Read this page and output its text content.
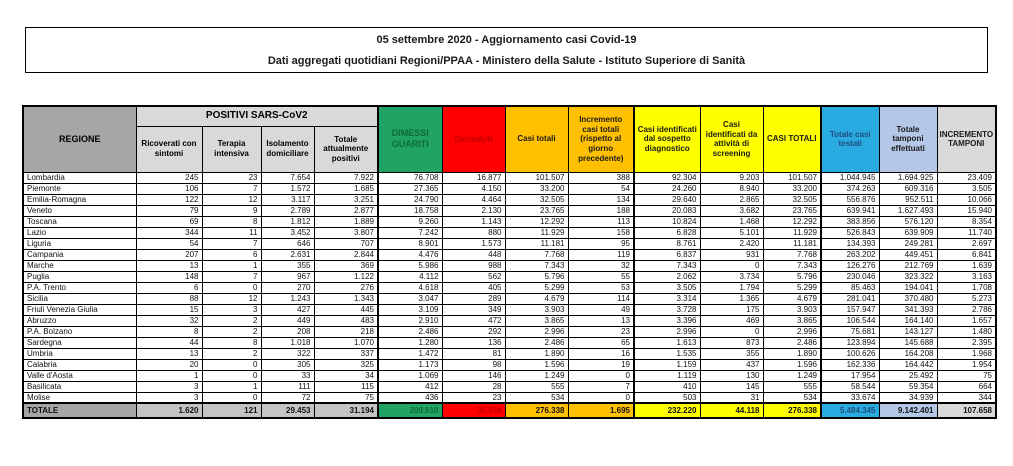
05 settembre 2020 - Aggiornamento casi Covid-19
Dati aggregati quotidiani Regioni/PPAA - Ministero della Salute - Istituto Superiore di Sanità
REGIONE	POSITIVI SARS-CoV2				DIMESSI GUARITI	Deceduti	Casi totali	Incremento casi totali (rispetto al giorno precedente)	Casi identificati dal sospetto diagnostico	Casi identificati da attività di screening	CASI TOTALI	Totale casi testati	Totale tamponi effettuati	INCREMENTO TAMPONI
	Ricoverati con sintomi	Terapia intensiva	Isolamento domiciliare	Totale attualmente positivi										
Lombardia	245	23	7.654	7.922	76.708	16.877	101.507	388	92.304	9.203	101.507	1.044.945	1.694.925	23.409
Piemonte	106	7	1.572	1.685	27.365	4.150	33.200	54	24.260	8.940	33.200	374.263	609.316	3.505
Emilia-Romagna	122	12	3.117	3.251	24.790	4.464	32.505	134	29.640	2.865	32.505	556.876	952.511	10.066
Veneto	79	9	2.789	2.877	18.758	2.130	23.765	188	20.083	3.682	23.765	639.941	1.627.493	15.940
Toscana	69	8	1.812	1.889	9.260	1.143	12.292	113	10.824	1.468	12.292	383.856	576.120	8.354
Lazio	344	11	3.452	3.807	7.242	880	11.929	158	6.828	5.101	11.929	526.843	639.909	11.740
Liguria	54	7	646	707	8.901	1.573	11.181	95	8.761	2.420	11.181	134.393	249.281	2.697
Campania	207	6	2.631	2.844	4.476	448	7.768	119	6.837	931	7.768	263.202	449.451	6.841
Marche	13	1	355	369	5.986	988	7.343	32	7.343	0	7.343	126.276	212.769	1.639
Puglia	148	7	967	1.122	4.112	562	5.796	55	2.062	3.734	5.796	230.046	323.322	3.163
P.A. Trento	6	0	270	276	4.618	405	5.299	53	3.505	1.794	5.299	85.463	194.041	1.708
Sicilia	88	12	1.243	1.343	3.047	289	4.679	114	3.314	1.365	4.679	281.041	370.480	5.273
Friuli Venezia Giulia	15	3	427	445	3.109	349	3.903	49	3.728	175	3.903	157.947	341.393	2.786
Abruzzo	32	2	449	483	2.910	472	3.865	13	3.396	469	3.865	106.544	164.140	1.657
P.A. Bolzano	8	2	208	218	2.486	292	2.996	23	2.996	0	2.996	75.681	143.127	1.480
Sardegna	44	8	1.018	1.070	1.280	136	2.486	65	1.613	873	2.486	123.894	145.688	2.395
Umbria	13	2	322	337	1.472	81	1.890	16	1.535	355	1.890	100.626	164.208	1.968
Calabria	20	0	305	325	1.173	98	1.596	19	1.159	437	1.596	162.336	164.442	1.954
Valle d'Aosta	1	0	33	34	1.069	146	1.249	0	1.119	130	1.249	17.954	25.492	75
Basilicata	3	1	111	115	412	28	555	7	410	145	555	58.544	59.354	664
Molise	3	0	72	75	436	23	534	0	503	31	534	33.674	34.939	344
TOTALE	1.620	121	29.453	31.194	209.610	35.534	276.338	1.695	232.220	44.118	276.338	5.484.345	9.142.401	107.658
